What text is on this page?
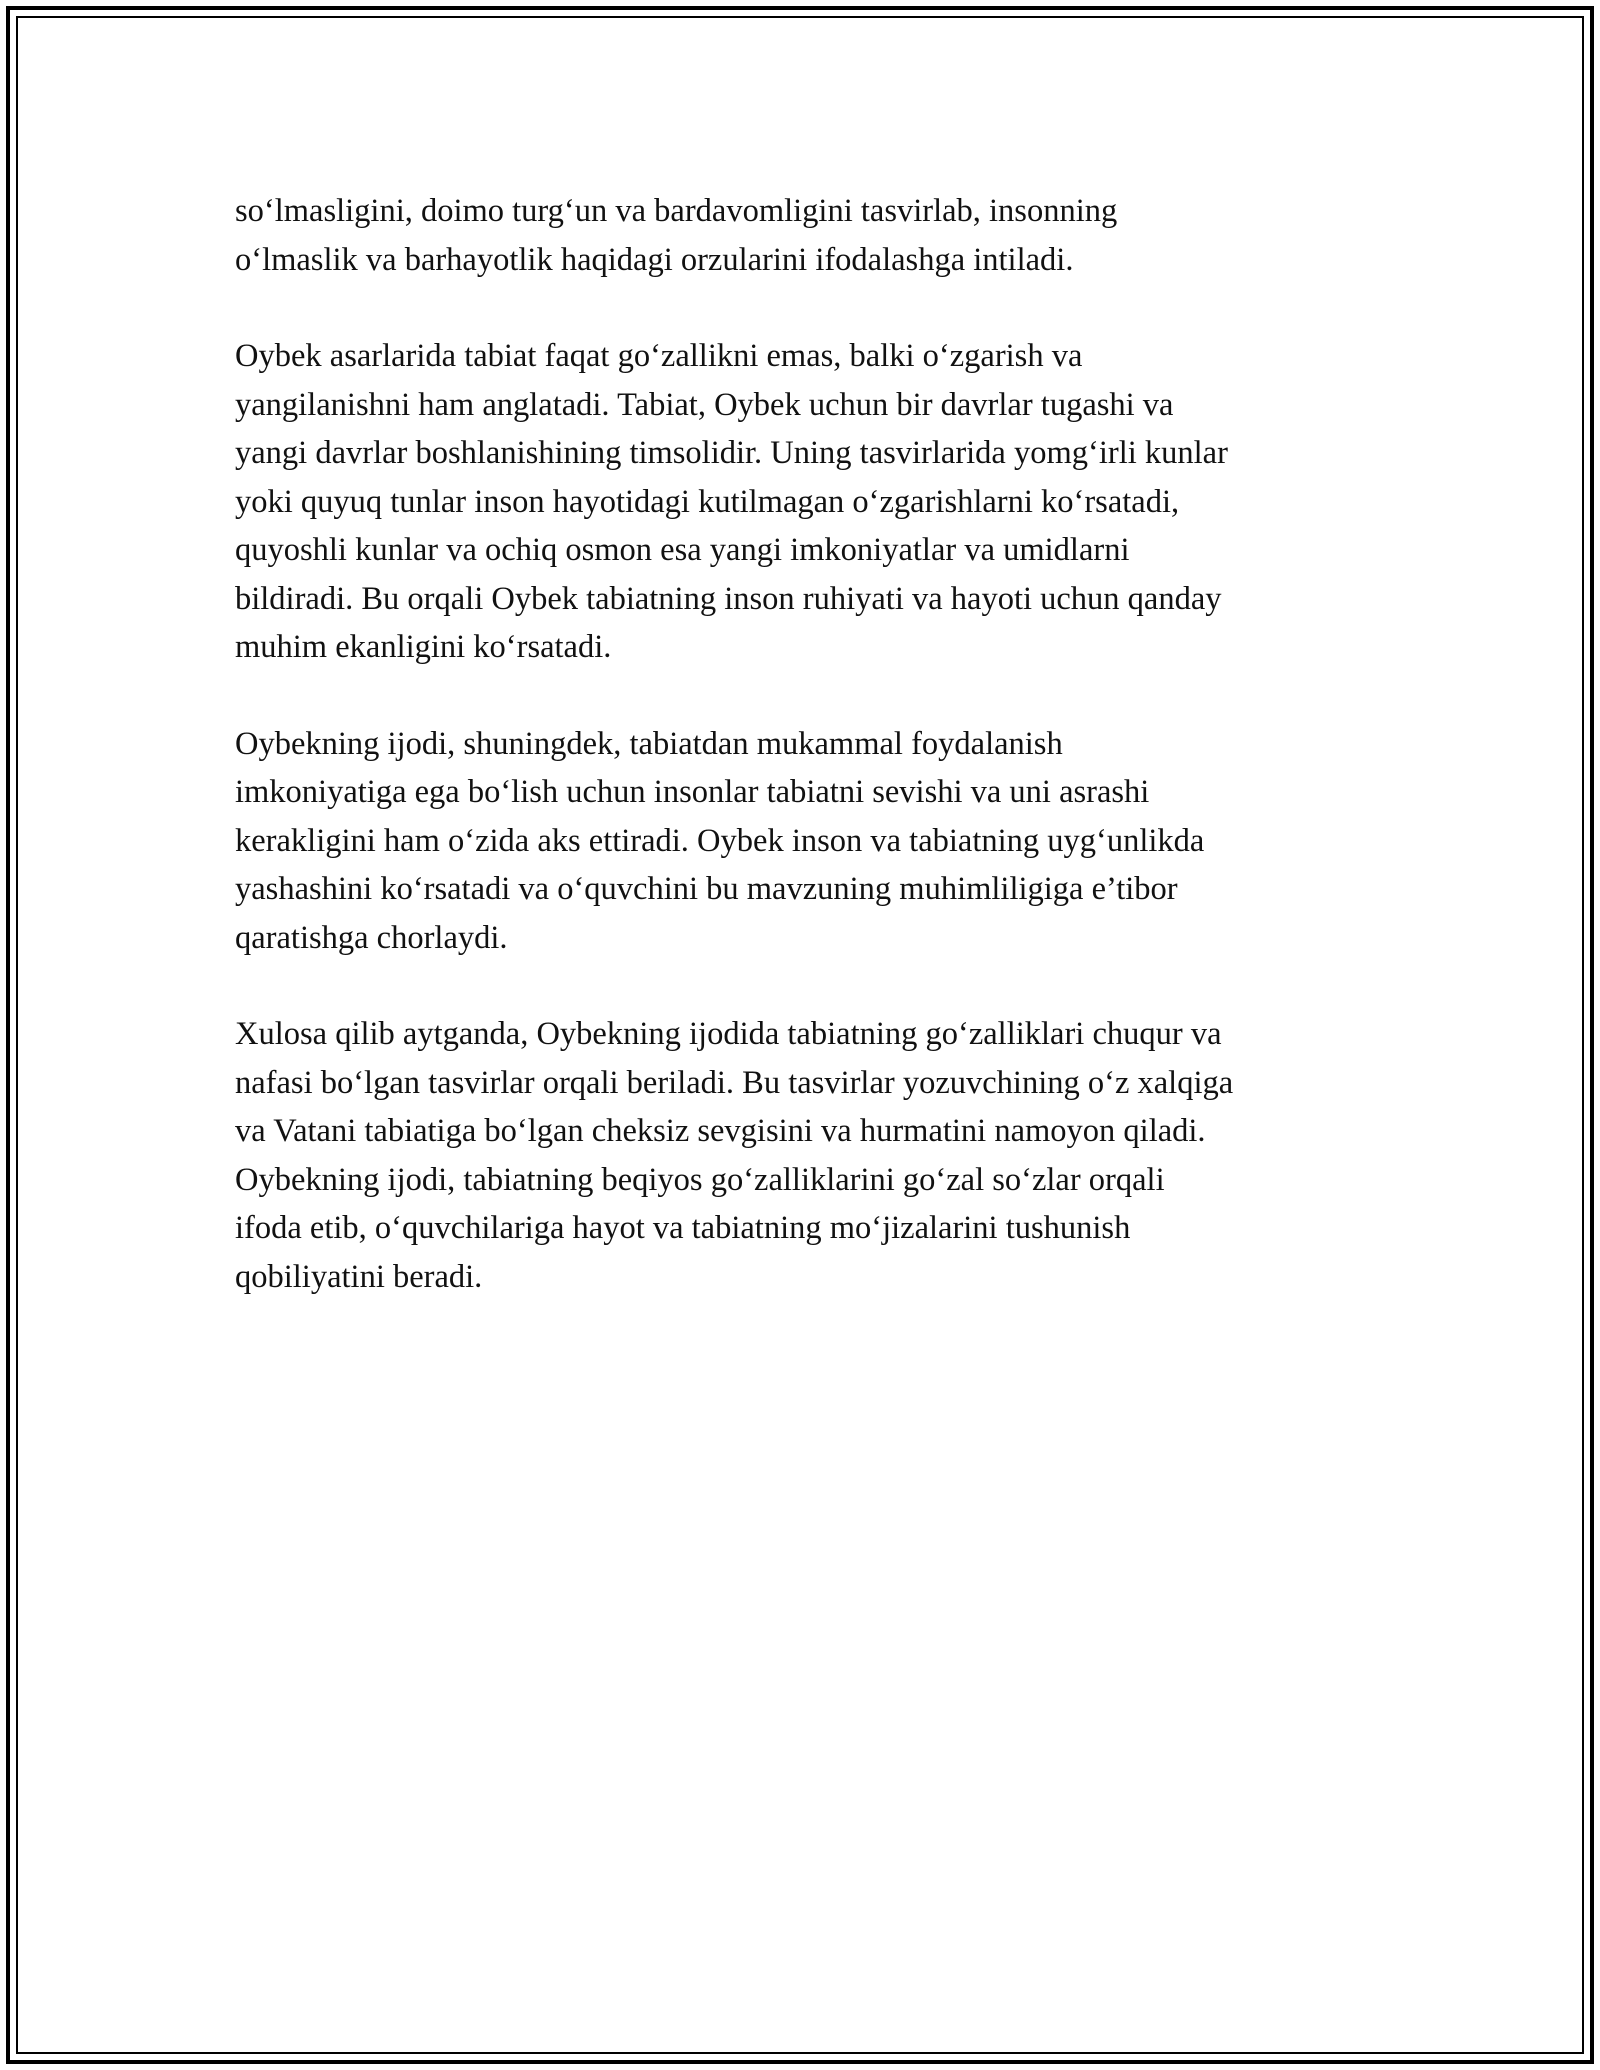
so‘lmasligini, doimo turg‘un va bardavomligini tasvirlab, insonning
o‘lmaslik va barhayotlik haqidagi orzularini ifodalashga intiladi.

Oybek asarlarida tabiat faqat go‘zallikni emas, balki o‘zgarish va
yangilanishni ham anglatadi. Tabiat, Oybek uchun bir davrlar tugashi va
yangi davrlar boshlanishining timsolidir. Uning tasvirlarida yomg‘irli kunlar
yoki quyuq tunlar inson hayotidagi kutilmagan o‘zgarishlarni ko‘rsatadi,
quyoshli kunlar va ochiq osmon esa yangi imkoniyatlar va umidlarni
bildiradi. Bu orqali Oybek tabiatning inson ruhiyati va hayoti uchun qanday
muhim ekanligini ko‘rsatadi.

Oybekning ijodi, shuningdek, tabiatdan mukammal foydalanish
imkoniyatiga ega bo‘lish uchun insonlar tabiatni sevishi va uni asrashi
kerakligini ham o‘zida aks ettiradi. Oybek inson va tabiatning uyg‘unlikda
yashashini ko‘rsatadi va o‘quvchini bu mavzuning muhimliligiga e’tibor
qaratishga chorlaydi.

Xulosa qilib aytganda, Oybekning ijodida tabiatning go‘zalliklari chuqur va
nafasi bo‘lgan tasvirlar orqali beriladi. Bu tasvirlar yozuvchining o‘z xalqiga
va Vatani tabiatiga bo‘lgan cheksiz sevgisini va hurmatini namoyon qiladi.
Oybekning ijodi, tabiatning beqiyos go‘zalliklarini go‘zal so‘zlar orqali
ifoda etib, o‘quvchilariga hayot va tabiatning mo‘jizalarini tushunish
qobiliyatini beradi.
